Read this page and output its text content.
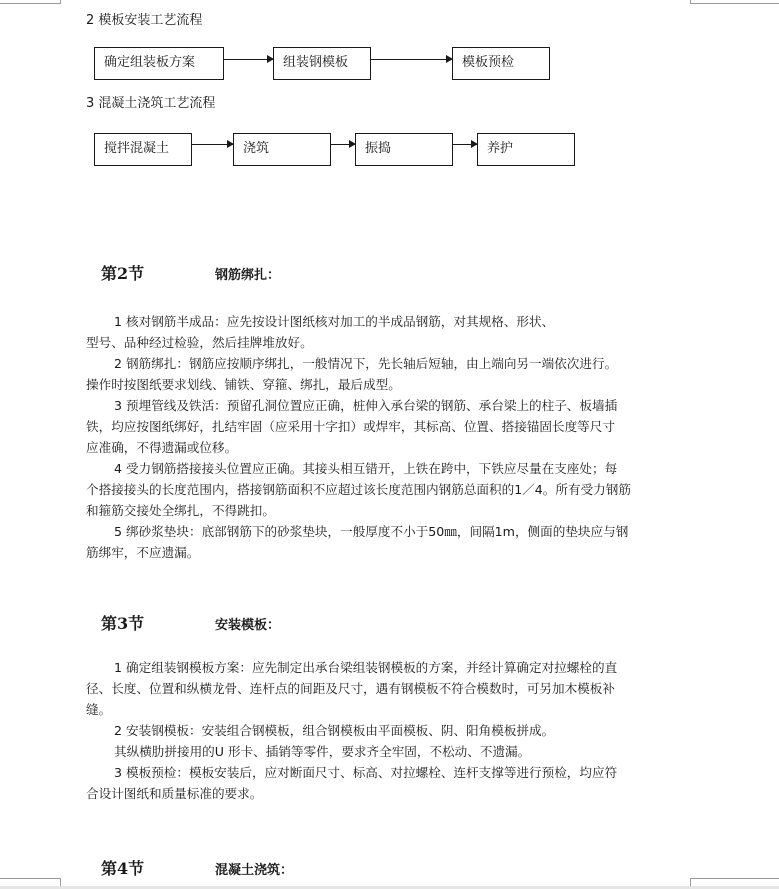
2 模板安装工艺流程
确定组装板方案	组装钢模板	模板预检
3 混凝土浇筑工艺流程
搅拌混凝土	浇筑	振捣	养护
第2节	钢筋绑扎：

1 核对钢筋半成品：应先按设计图纸核对加工的半成品钢筋，对其规格、形状、

型号、品种经过检验，然后挂牌堆放好。

2 钢筋绑扎：钢筋应按顺序绑扎，一般情况下，先长轴后短轴，由上端向另一端依次进行。

操作时按图纸要求划线、铺铁、穿箍、绑扎，最后成型。

3 预埋管线及铁活：预留孔洞位置应正确，桩伸入承台梁的钢筋、承台梁上的柱子、板墙插

铁，均应按图纸绑好，扎结牢固（应采用十字扣）或焊牢，其标高、位置、搭接锚固长度等尺寸

应准确，不得遗漏或位移。

4 受力钢筋搭接接头位置应正确。其接头相互错开，上铁在跨中，下铁应尽量在支座处；每

个搭接接头的长度范围内，搭接钢筋面积不应超过该长度范围内钢筋总面积的1／4。所有受力钢筋

和箍筋交接处全绑扎，不得跳扣。

5 绑砂浆垫块：底部钢筋下的砂浆垫块，一般厚度不小于50㎜，间隔1m，侧面的垫块应与钢

筋绑牢，不应遗漏。

第3节	安装模板：

1 确定组装钢模板方案：应先制定出承台梁组装钢模板的方案，并经计算确定对拉螺栓的直

径、长度、位置和纵横龙骨、连杆点的间距及尺寸，遇有钢模板不符合模数时，可另加木模板补

缝。

2 安装钢模板：安装组合钢模板，组合钢模板由平面模板、阴、阳角模板拼成。

其纵横肋拼接用的U 形卡、插销等零件，要求齐全牢固，不松动、不遗漏。

3 模板预检：模板安装后，应对断面尺寸、标高、对拉螺栓、连杆支撑等进行预检，均应符

合设计图纸和质量标准的要求。

第4节	混凝土浇筑：
